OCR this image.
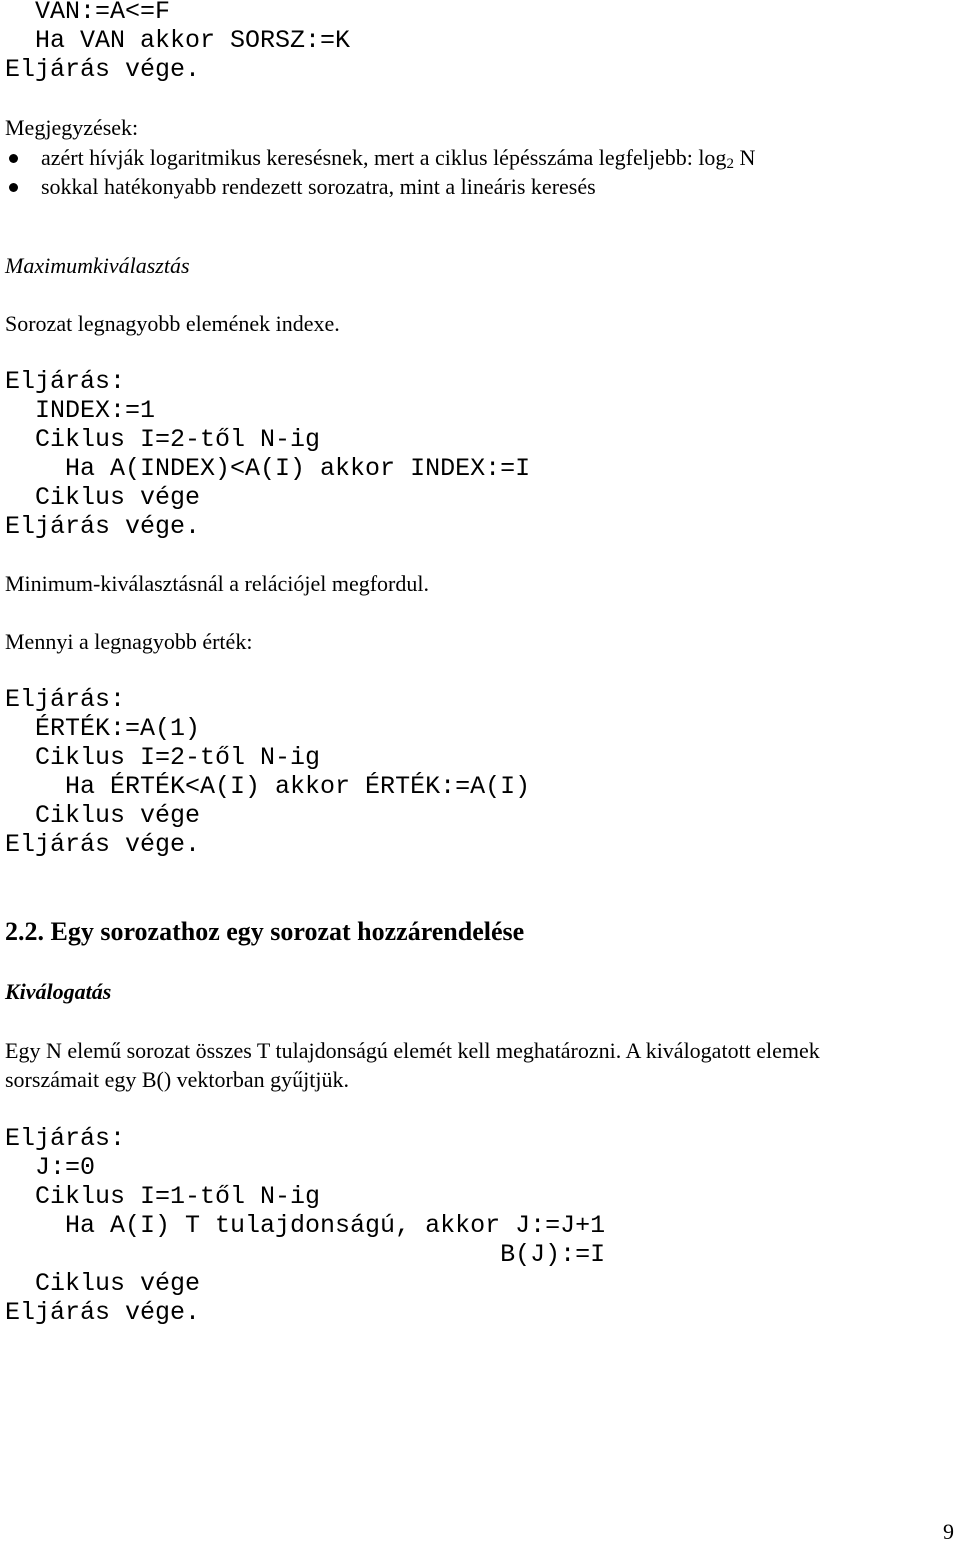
VAN:=A<=F
Ha VAN akkor SORSZ:=K
Eljárás vége.
Megjegyzések:
azért hívják logaritmikus keresésnek, mert a ciklus lépésszáma legfeljebb: $\log_2 N$
sokkal hatékonyabb rendezett sorozatra, mint a lineáris keresés
Maximumkiválasztás
Sorozat legnagyobb elemének indexe.
Eljárás:
INDEX:=1
Ciklus I=2-től N-ig
Ha A(INDEX)<A(I) akkor INDEX:=I
Ciklus vége
Eljárás vége.
Minimum-kiválasztásnál a relációjel megfordul.
Mennyi a legnagyobb érték:
Eljárás:
ÉRTÉK:=A(1)
Ciklus I=2-től N-ig
Ha ÉRTÉK<A(I) akkor ÉRTÉK:=A(I)
Ciklus vége
Eljárás vége.
2.2. Egy sorozathoz egy sorozat hozzárendelése
Kiválogatás
Egy N elemű sorozat összes T tulajdonságú elemét kell meghatározni. A kiválogatott elemek
sorszámait egy B() vektorban gyűjtjük.
Eljárás:
J:=0
Ciklus I=1-től N-ig
Ha A(I) T tulajdonságú, akkor J:=J+1
B(J):=I
Ciklus vége
Eljárás vége.
9
